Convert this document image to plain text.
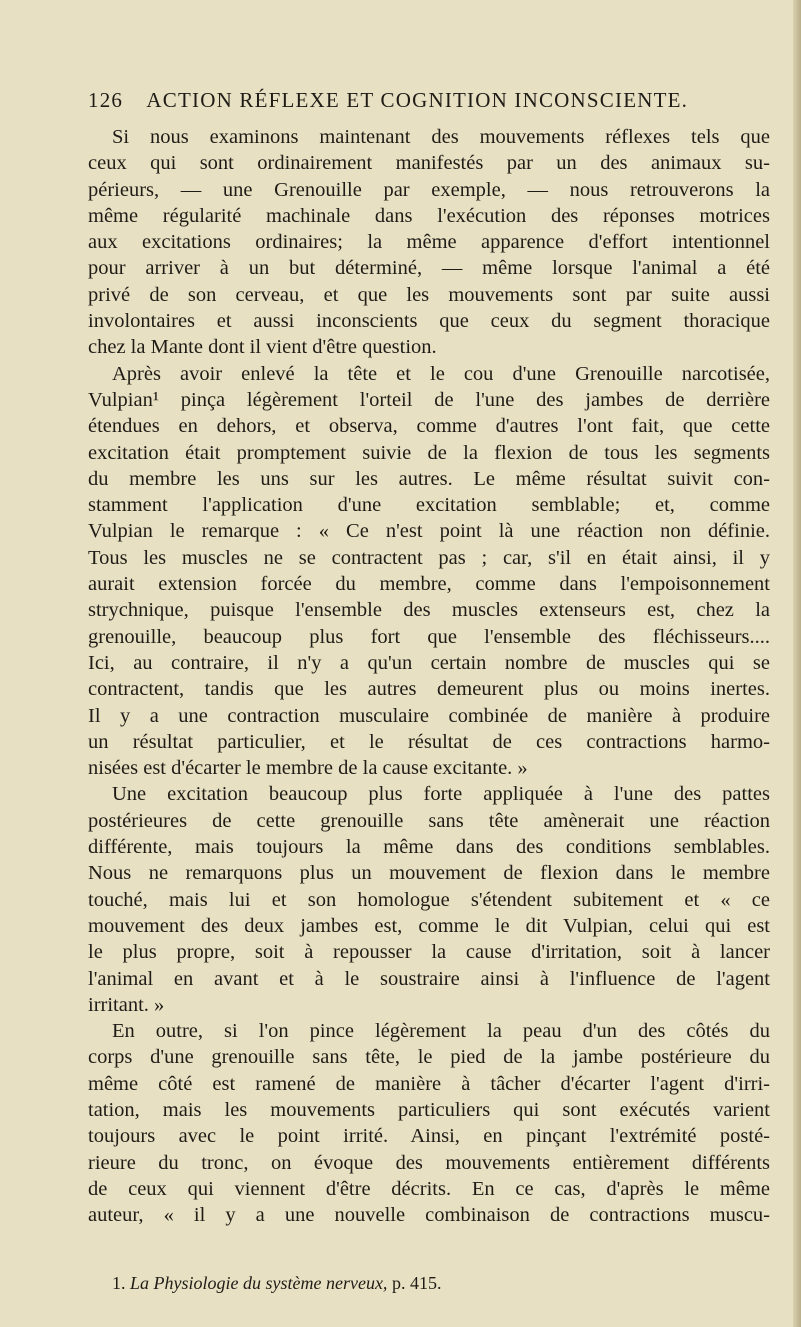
126 ACTION RÉFLEXE ET COGNITION INCONSCIENTE.
Si nous examinons maintenant des mouvements réflexes tels que
ceux qui sont ordinairement manifestés par un des animaux su-
périeurs, — une Grenouille par exemple, — nous retrouverons la
même régularité machinale dans l'exécution des réponses motrices
aux excitations ordinaires; la même apparence d'effort intentionnel
pour arriver à un but déterminé, — même lorsque l'animal a été
privé de son cerveau, et que les mouvements sont par suite aussi
involontaires et aussi inconscients que ceux du segment thoracique
chez la Mante dont il vient d'être question.
Après avoir enlevé la tête et le cou d'une Grenouille narcotisée,
Vulpian¹ pinça légèrement l'orteil de l'une des jambes de derrière
étendues en dehors, et observa, comme d'autres l'ont fait, que cette
excitation était promptement suivie de la flexion de tous les segments
du membre les uns sur les autres. Le même résultat suivit con-
stamment l'application d'une excitation semblable; et, comme
Vulpian le remarque : « Ce n'est point là une réaction non définie.
Tous les muscles ne se contractent pas ; car, s'il en était ainsi, il y
aurait extension forcée du membre, comme dans l'empoisonnement
strychnique, puisque l'ensemble des muscles extenseurs est, chez la
grenouille, beaucoup plus fort que l'ensemble des fléchisseurs....
Ici, au contraire, il n'y a qu'un certain nombre de muscles qui se
contractent, tandis que les autres demeurent plus ou moins inertes.
Il y a une contraction musculaire combinée de manière à produire
un résultat particulier, et le résultat de ces contractions harmo-
nisées est d'écarter le membre de la cause excitante. »
Une excitation beaucoup plus forte appliquée à l'une des pattes
postérieures de cette grenouille sans tête amènerait une réaction
différente, mais toujours la même dans des conditions semblables.
Nous ne remarquons plus un mouvement de flexion dans le membre
touché, mais lui et son homologue s'étendent subitement et « ce
mouvement des deux jambes est, comme le dit Vulpian, celui qui est
le plus propre, soit à repousser la cause d'irritation, soit à lancer
l'animal en avant et à le soustraire ainsi à l'influence de l'agent
irritant. »
En outre, si l'on pince légèrement la peau d'un des côtés du
corps d'une grenouille sans tête, le pied de la jambe postérieure du
même côté est ramené de manière à tâcher d'écarter l'agent d'irri-
tation, mais les mouvements particuliers qui sont exécutés varient
toujours avec le point irrité. Ainsi, en pinçant l'extrémité posté-
rieure du tronc, on évoque des mouvements entièrement différents
de ceux qui viennent d'être décrits. En ce cas, d'après le même
auteur, « il y a une nouvelle combinaison de contractions muscu-
1. La Physiologie du système nerveux, p. 415.
